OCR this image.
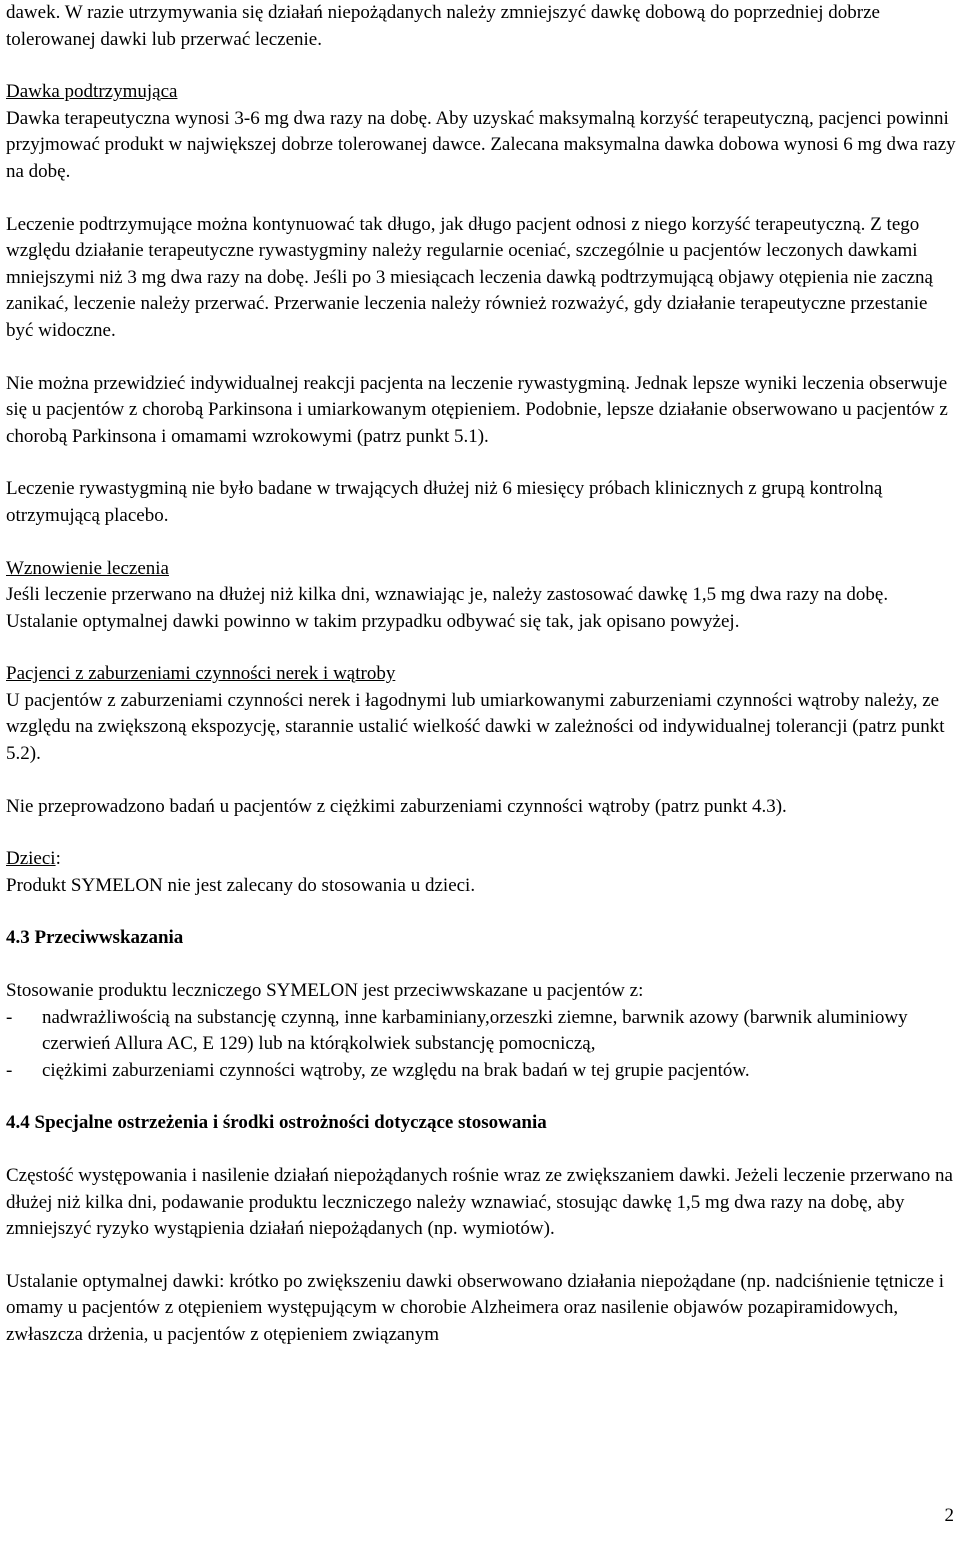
dawek. W razie utrzymywania się działań niepożądanych należy zmniejszyć dawkę dobową do poprzedniej dobrze tolerowanej dawki lub przerwać leczenie.

Dawka podtrzymująca
Dawka terapeutyczna wynosi 3-6 mg dwa razy na dobę. Aby uzyskać maksymalną korzyść terapeutyczną, pacjenci powinni przyjmować produkt w największej dobrze tolerowanej dawce. Zalecana maksymalna dawka dobowa wynosi 6 mg dwa razy na dobę.

Leczenie podtrzymujące można kontynuować tak długo, jak długo pacjent odnosi z niego korzyść terapeutyczną. Z tego względu działanie terapeutyczne rywastygminy należy regularnie oceniać, szczególnie u pacjentów leczonych dawkami mniejszymi niż 3 mg dwa razy na dobę. Jeśli po 3 miesiącach leczenia dawką podtrzymującą objawy otępienia nie zaczną zanikać, leczenie należy przerwać. Przerwanie leczenia należy również rozważyć, gdy działanie terapeutyczne przestanie być widoczne.

Nie można przewidzieć indywidualnej reakcji pacjenta na leczenie rywastygminą. Jednak lepsze wyniki leczenia obserwuje się u pacjentów z chorobą Parkinsona i umiarkowanym otępieniem. Podobnie, lepsze działanie obserwowano u pacjentów z chorobą Parkinsona i omamami wzrokowymi (patrz punkt 5.1).

Leczenie rywastygminą nie było badane w trwających dłużej niż 6 miesięcy próbach klinicznych z grupą kontrolną otrzymującą placebo.

Wznowienie leczenia
Jeśli leczenie przerwano na dłużej niż kilka dni, wznawiając je, należy zastosować dawkę 1,5 mg dwa razy na dobę. Ustalanie optymalnej dawki powinno w takim przypadku odbywać się tak, jak opisano powyżej.

Pacjenci z zaburzeniami czynności nerek i wątroby
U pacjentów z zaburzeniami czynności nerek i łagodnymi lub umiarkowanymi zaburzeniami czynności wątroby należy, ze względu na zwiększoną ekspozycję, starannie ustalić wielkość dawki w zależności od indywidualnej tolerancji (patrz punkt 5.2).

Nie przeprowadzono badań u pacjentów z ciężkimi zaburzeniami czynności wątroby (patrz punkt 4.3).

Dzieci:
Produkt SYMELON nie jest zalecany do stosowania u dzieci.

4.3 Przeciwwskazania
Stosowanie produktu leczniczego SYMELON jest przeciwwskazane u pacjentów z:
- nadwrażliwością na substancję czynną, inne karbaminiany,orzeszki ziemne, barwnik azowy (barwnik aluminiowy czerwień Allura AC, E 129) lub na którąkolwiek substancję pomocniczą,
- ciężkimi zaburzeniami czynności wątroby, ze względu na brak badań w tej grupie pacjentów.
4.4 Specjalne ostrzeżenia i środki ostrożności dotyczące stosowania

Częstość występowania i nasilenie działań niepożądanych rośnie wraz ze zwiększaniem dawki. Jeżeli leczenie przerwano na dłużej niż kilka dni, podawanie produktu leczniczego należy wznawiać, stosując dawkę 1,5 mg dwa razy na dobę, aby zmniejszyć ryzyko wystąpienia działań niepożądanych (np. wymiotów).

Ustalanie optymalnej dawki: krótko po zwiększeniu dawki obserwowano działania niepożądane (np. nadciśnienie tętnicze i omamy u pacjentów z otępieniem występującym w chorobie Alzheimera oraz nasilenie objawów pozapiramidowych, zwłaszcza drżenia, u pacjentów z otępieniem związanym

2
